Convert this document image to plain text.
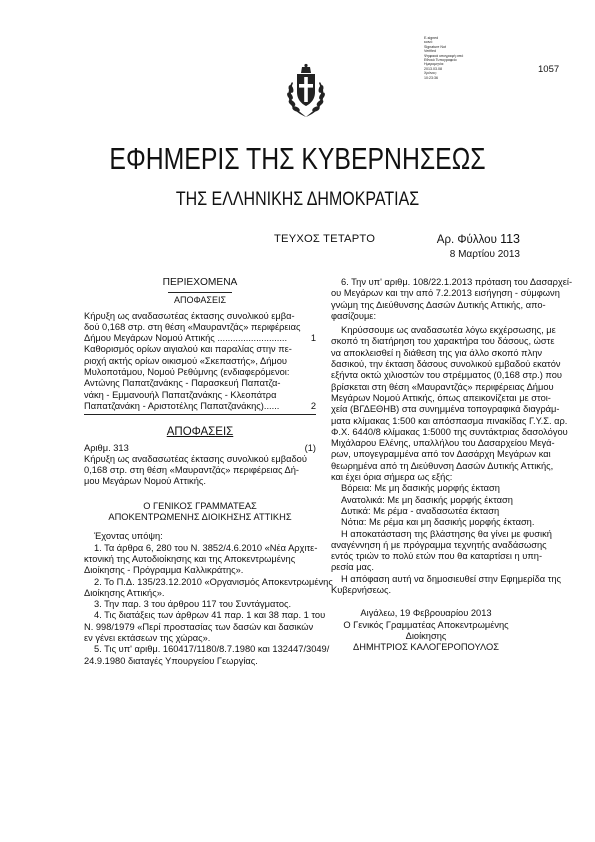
E-signed
κοινό
Signature Not
Verified
Ψηφιακά υπογραφή από
Εθνικό Τυπογραφείο
Ημερομηνία:
2013.03.08
Χρόνος:
10:23:36
1057
ΕΦΗΜΕΡΙΣ ΤΗΣ ΚΥΒΕΡΝΗΣΕΩΣ
ΤΗΣ ΕΛΛΗΝΙΚΗΣ ΔΗΜΟΚΡΑΤΙΑΣ
ΤΕΥΧΟΣ ΤΕΤΑΡΤΟ	Αρ. Φύλλου 113
8 Μαρτίου 2013
ΠΕΡΙΕΧΟΜΕΝΑ
ΑΠΟΦΑΣΕΙΣ
Κήρυξη ως αναδασωτέας έκτασης συνολικού εμβα-
δού 0,168 στρ. στη θέση «Μαυραντζάς» περιφέρειας
Δήμου Μεγάρων Νομού Αττικής ...........................	1
Καθορισμός ορίων αιγιαλού και παραλίας στην πε-
ριοχή ακτής ορίων οικισμού «Σκεπαστής», Δήμου
Μυλοποτάμου, Νομού Ρεθύμνης (ενδιαφερόμενοι:
Αντώνης Παπατζανάκης - Παρασκευή Παπατζα-
νάκη - Εμμανουήλ Παπατζανάκης - Κλεοπάτρα
Παπατζανάκη - Αριστοτέλης Παπατζανάκης)......	2
ΑΠΟΦΑΣΕΙΣ
Αριθμ. 313	(1)
Κήρυξη ως αναδασωτέας έκτασης συνολικού εμβαδού
0,168 στρ. στη θέση «Μαυραντζάς» περιφέρειας Δή-
μου Μεγάρων Νομού Αττικής.
Ο ΓΕΝΙΚΟΣ ΓΡΑΜΜΑΤΕΑΣ
ΑΠΟΚΕΝΤΡΩΜΕΝΗΣ ΔΙΟΙΚΗΣΗΣ ΑΤΤΙΚΗΣ
Έχοντας υπόψη:
1. Τα άρθρα 6, 280 του Ν. 3852/4.6.2010 «Νέα Αρχιτε-
κτονική της Αυτοδιοίκησης και της Αποκεντρωμένης
Διοίκησης - Πρόγραμμα Καλλικράτης».
2. Το Π.Δ. 135/23.12.2010 «Οργανισμός Αποκεντρωμένης
Διοίκησης Αττικής».
3. Την παρ. 3 του άρθρου 117 του Συντάγματος.
4. Τις διατάξεις των άρθρων 41 παρ. 1 και 38 παρ. 1 του
Ν. 998/1979 «Περί προστασίας των δασών και δασικών
εν γένει εκτάσεων της χώρας».
5. Τις υπ' αριθμ. 160417/1180/8.7.1980 και 132447/3049/
24.9.1980 διαταγές Υπουργείου Γεωργίας.
6. Την υπ' αριθμ. 108/22.1.2013 πρόταση του Δασαρχεί-
ου Μεγάρων και την από 7.2.2013 εισήγηση - σύμφωνη
γνώμη της Διεύθυνσης Δασών Δυτικής Αττικής, απο-
φασίζουμε:
Κηρύσσουμε ως αναδασωτέα λόγω εκχέρσωσης, με
σκοπό τη διατήρηση του χαρακτήρα του δάσους, ώστε
να αποκλεισθεί η διάθεση της για άλλο σκοπό πλην
δασικού, την έκταση δάσους συνολικού εμβαδού εκατόν
εξήντα οκτώ χιλιοστών του στρέμματος (0,168 στρ.) που
βρίσκεται στη θέση «Μαυραντζάς» περιφέρειας Δήμου
Μεγάρων Νομού Αττικής, όπως απεικονίζεται με στοι-
χεία (ΒΓΔΕΘΗΒ) στα συνημμένα τοπογραφικά διαγράμ-
ματα κλίμακας 1:500 και απόσπασμα πινακίδας Γ.Υ.Σ. αρ.
Φ.Χ. 6440/8 κλίμακας 1:5000 της συντάκτριας δασολόγου
Μιχάλαρου Ελένης, υπαλλήλου του Δασαρχείου Μεγά-
ρων, υπογεγραμμένα από τον Δασάρχη Μεγάρων και
θεωρημένα από τη Διεύθυνση Δασών Δυτικής Αττικής,
και έχει όρια σήμερα ως εξής:
Βόρεια: Με μη δασικής μορφής έκταση
Ανατολικά: Με μη δασικής μορφής έκταση
Δυτικά: Με ρέμα - αναδασωτέα έκταση
Νότια: Με ρέμα και μη δασικής μορφής έκταση.
Η αποκατάσταση της βλάστησης θα γίνει με φυσική
αναγέννηση ή με πρόγραμμα τεχνητής αναδάσωσης
εντός τριών το πολύ ετών που θα καταρτίσει η υπη-
ρεσία μας.
Η απόφαση αυτή να δημοσιευθεί στην Εφημερίδα της
Κυβερνήσεως.
Αιγάλεω, 19 Φεβρουαρίου 2013
Ο Γενικός Γραμματέας Αποκεντρωμένης Διοίκησης
ΔΗΜΗΤΡΙΟΣ ΚΑΛΟΓΕΡΟΠΟΥΛΟΣ
